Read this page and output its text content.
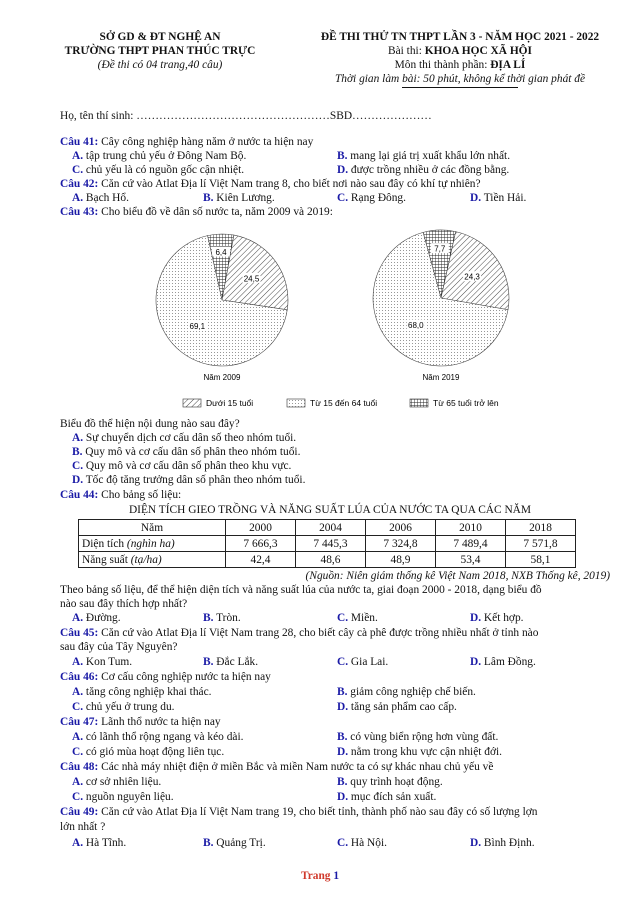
SỞ GD & ĐT NGHỆ AN
TRƯỜNG THPT PHAN THÚC TRỰC
(Đề thi có 04 trang,40 câu)
ĐỀ THI THỬ TN THPT LẦN 3 - NĂM HỌC 2021 - 2022
Bài thi: KHOA HỌC XÃ HỘI
Môn thi thành phần: ĐỊA LÍ
Thời gian làm bài: 50 phút, không kể thời gian phát đề
Họ, tên thí sinh: ……………………………………………SBD…………………
Câu 41: Cây công nghiệp hàng năm ở nước ta hiện nay
A. tập trung chủ yếu ở Đông Nam Bộ.	B. mang lại giá trị xuất khẩu lớn nhất.
C. chủ yếu là có nguồn gốc cận nhiệt.	D. được trồng nhiều ở các đồng bằng.
Câu 42: Căn cứ vào Atlat Địa lí Việt Nam trang 8, cho biết nơi nào sau đây có khí tự nhiên?
A. Bạch Hổ.	B. Kiên Lương.	C. Rạng Đông.	D. Tiền Hải.
Câu 43: Cho biểu đồ về dân số nước ta, năm 2009 và 2019:
6,4
24,5
69,1
7,7
24,3
68,0
Năm 2009	Năm 2019
Dưới 15 tuổi	Từ 15 đến 64 tuổi	Từ 65 tuổi trở lên
Biểu đồ thể hiện nội dung nào sau đây?
A. Sự chuyển dịch cơ cấu dân số theo nhóm tuổi.
B. Quy mô và cơ cấu dân số phân theo nhóm tuổi.
C. Quy mô và cơ cấu dân số phân theo khu vực.
D. Tốc độ tăng trưởng dân số phân theo nhóm tuổi.
Câu 44: Cho bảng số liệu:
DIỆN TÍCH GIEO TRỒNG VÀ NĂNG SUẤT LÚA CỦA NƯỚC TA QUA CÁC NĂM
Năm	2000	2004	2006	2010	2018
Diện tích (nghìn ha)	7 666,3	7 445,3	7 324,8	7 489,4	7 571,8
Năng suất (tạ/ha)	42,4	48,6	48,9	53,4	58,1
(Nguồn: Niên giám thống kê Việt Nam 2018, NXB Thống kê, 2019)
Theo bảng số liệu, để thể hiện diện tích và năng suất lúa của nước ta, giai đoạn 2000 - 2018, dạng biểu đồ
nào sau đây thích hợp nhất?
A. Đường.	B. Tròn.	C. Miền.	D. Kết hợp.
Câu 45: Căn cứ vào Atlat Địa lí Việt Nam trang 28, cho biết cây cà phê được trồng nhiều nhất ở tỉnh nào
sau đây của Tây Nguyên?
A. Kon Tum.	B. Đắc Lắk.	C. Gia Lai.	D. Lâm Đồng.
Câu 46: Cơ cấu công nghiệp nước ta hiện nay
A. tăng công nghiệp khai thác.	B. giảm công nghiệp chế biến.
C. chủ yếu ở trung du.	D. tăng sản phẩm cao cấp.
Câu 47: Lãnh thổ nước ta hiện nay
A. có lãnh thổ rộng ngang và kéo dài.	B. có vùng biển rộng hơn vùng đất.
C. có gió mùa hoạt động liên tục.	D. nằm trong khu vực cận nhiệt đới.
Câu 48: Các nhà máy nhiệt điện ở miền Bắc và miền Nam nước ta có sự khác nhau chủ yếu về
A. cơ sở nhiên liệu.	B. quy trình hoạt động.
C. nguồn nguyên liệu.	D. mục đích sản xuất.
Câu 49: Căn cứ vào Atlat Địa lí Việt Nam trang 19, cho biết tỉnh, thành phố nào sau đây có số lượng lợn
lớn nhất ?
A. Hà Tĩnh.	B. Quảng Trị.	C. Hà Nội.	D. Bình Định.
Trang 1
